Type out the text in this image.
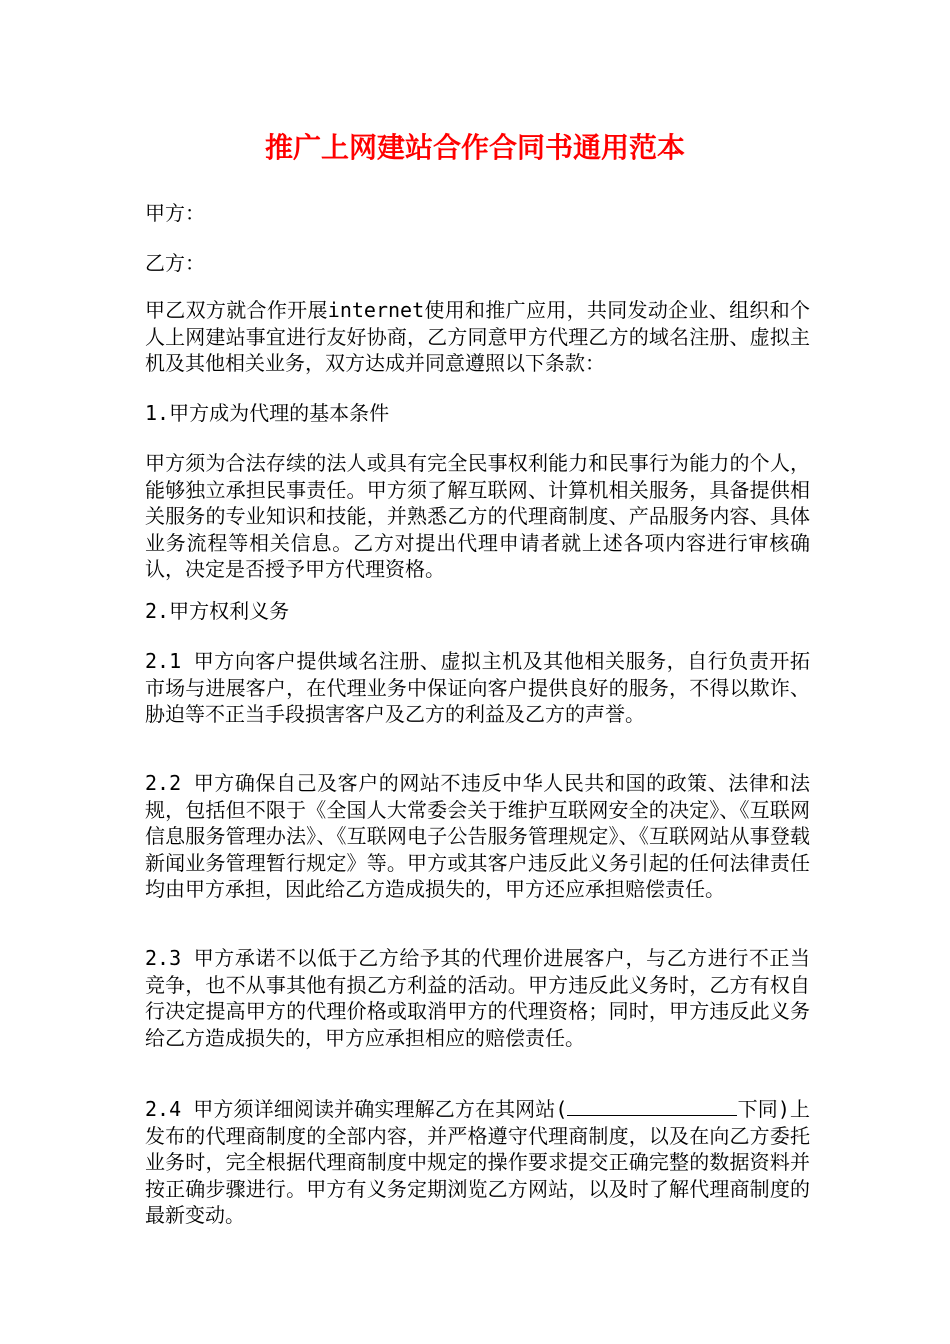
推广上网建站合作合同书通用范本

甲方：

乙方：

甲乙双方就合作开展internet使用和推广应用，共同发动企业、组织和个人上网建站事宜进行友好协商，乙方同意甲方代理乙方的域名注册、虚拟主机及其他相关业务，双方达成并同意遵照以下条款：

1.甲方成为代理的基本条件

甲方须为合法存续的法人或具有完全民事权利能力和民事行为能力的个人，能够独立承担民事责任。甲方须了解互联网、计算机相关服务，具备提供相关服务的专业知识和技能，并熟悉乙方的代理商制度、产品服务内容、具体业务流程等相关信息。乙方对提出代理申请者就上述各项内容进行审核确认，决定是否授予甲方代理资格。

2.甲方权利义务

2.1 甲方向客户提供域名注册、虚拟主机及其他相关服务，自行负责开拓市场与进展客户，在代理业务中保证向客户提供良好的服务，不得以欺诈、胁迫等不正当手段损害客户及乙方的利益及乙方的声誉。

2.2 甲方确保自己及客户的网站不违反中华人民共和国的政策、法律和法规，包括但不限于《全国人大常委会关于维护互联网安全的决定》、《互联网信息服务管理办法》、《互联网电子公告服务管理规定》、《互联网站从事登载新闻业务管理暂行规定》等。甲方或其客户违反此义务引起的任何法律责任均由甲方承担，因此给乙方造成损失的，甲方还应承担赔偿责任。

2.3 甲方承诺不以低于乙方给予其的代理价进展客户，与乙方进行不正当竞争，也不从事其他有损乙方利益的活动。甲方违反此义务时，乙方有权自行决定提高甲方的代理价格或取消甲方的代理资格；同时，甲方违反此义务给乙方造成损失的，甲方应承担相应的赔偿责任。

2.4 甲方须详细阅读并确实理解乙方在其网站(	下同)上发布的代理商制度的全部内容，并严格遵守代理商制度，以及在向乙方委托业务时，完全根据代理商制度中规定的操作要求提交正确完整的数据资料并按正确步骤进行。甲方有义务定期浏览乙方网站，以及时了解代理商制度的最新变动。
